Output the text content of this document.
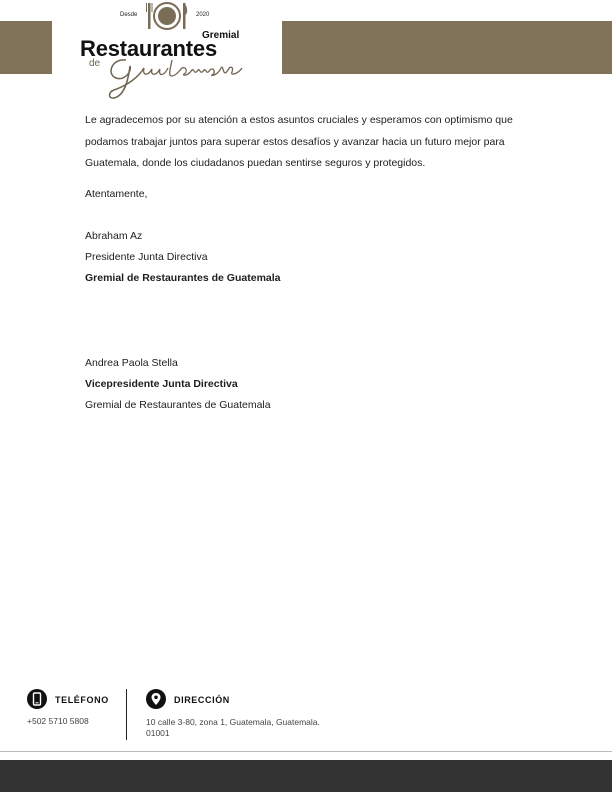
Desde	2020
Gremial
Restaurantes
de
Le agradecemos por su atención a estos asuntos cruciales y esperamos con optimismo que podamos trabajar juntos para superar estos desafíos y avanzar hacia un futuro mejor para Guatemala, donde los ciudadanos puedan sentirse seguros y protegidos.
Atentamente,
Abraham Az
Presidente Junta Directiva
Gremial de Restaurantes de Guatemala
Andrea Paola Stella
Vicepresidente Junta Directiva
Gremial de Restaurantes de Guatemala
TELÉFONO
+502 5710 5808
DIRECCIÓN
10 calle 3-80, zona 1, Guatemala, Guatemala.
01001
